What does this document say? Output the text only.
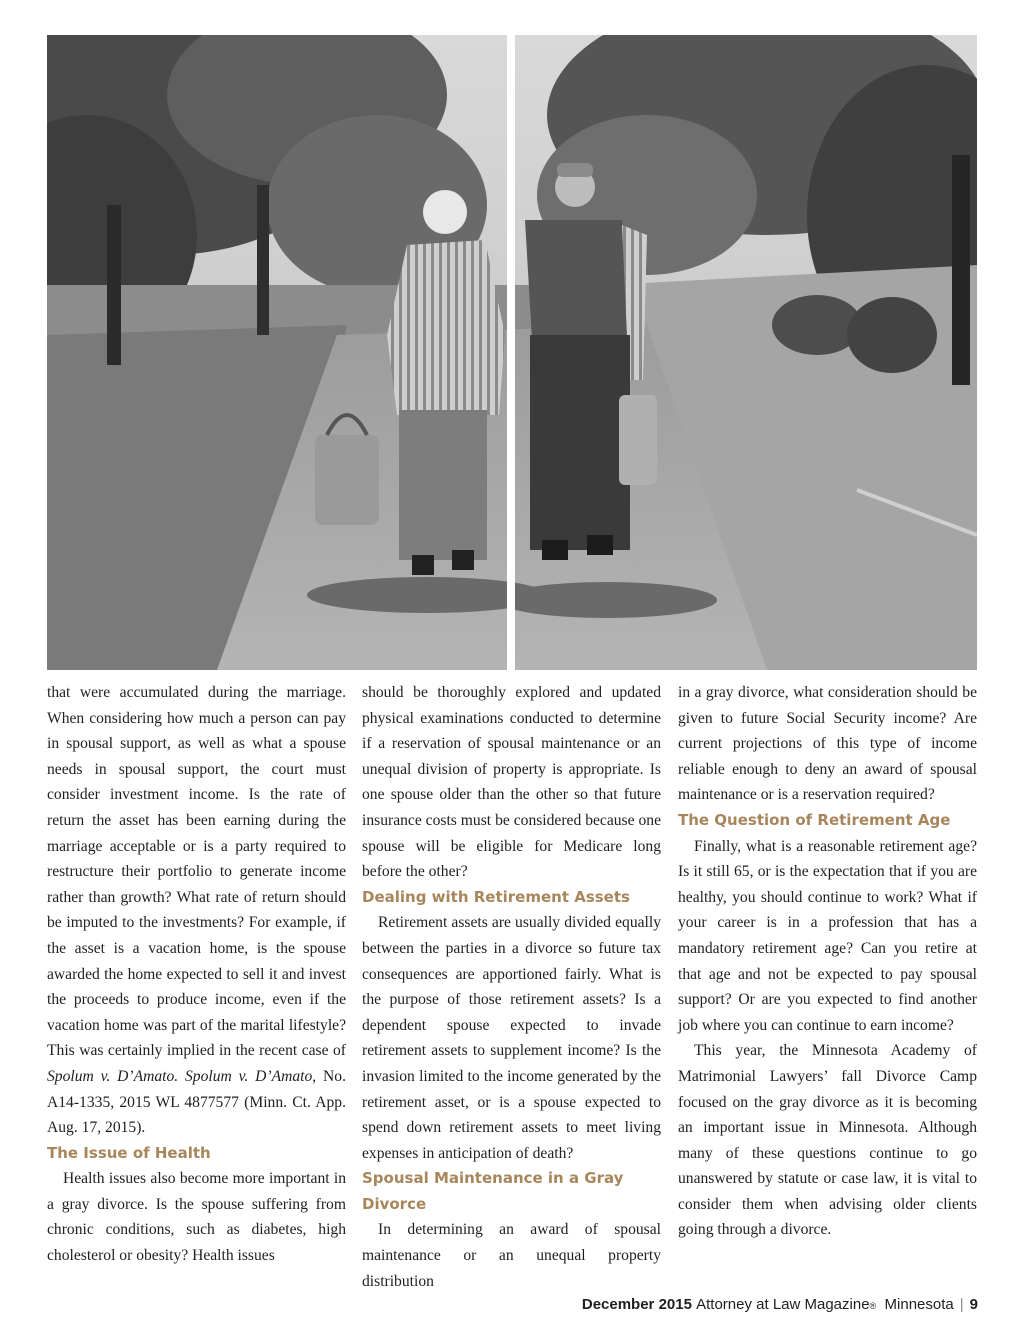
that were accumulated during the marriage. When considering how much a person can pay in spousal support, as well as what a spouse needs in spousal support, the court must consider investment income. Is the rate of return the asset has been earning during the marriage acceptable or is a party required to restructure their portfolio to generate income rather than growth? What rate of return should be imputed to the investments? For example, if the asset is a vacation home, is the spouse awarded the home expected to sell it and invest the proceeds to produce income, even if the vacation home was part of the marital lifestyle? This was certainly implied in the recent case of Spolum v. D’Amato. Spolum v. D’Amato, No. A14-1335, 2015 WL 4877577 (Minn. Ct. App. Aug. 17, 2015).

The Issue of Health

Health issues also become more important in a gray divorce. Is the spouse suffering from chronic conditions, such as diabetes, high cholesterol or obesity? Health issues

should be thoroughly explored and updated physical examinations conducted to determine if a reservation of spousal maintenance or an unequal division of property is appropriate. Is one spouse older than the other so that future insurance costs must be considered because one spouse will be eligible for Medicare long before the other?

Dealing with Retirement Assets

Retirement assets are usually divided equally between the parties in a divorce so future tax consequences are apportioned fairly. What is the purpose of those retirement assets? Is a dependent spouse expected to invade retirement assets to supplement income? Is the invasion limited to the income generated by the retirement asset, or is a spouse expected to spend down retirement assets to meet living expenses in anticipation of death?

Spousal Maintenance in a Gray Divorce

In determining an award of spousal maintenance or an unequal property distribution

in a gray divorce, what consideration should be given to future Social Security income? Are current projections of this type of income reliable enough to deny an award of spousal maintenance or is a reservation required?

The Question of Retirement Age

Finally, what is a reasonable retirement age? Is it still 65, or is the expectation that if you are healthy, you should continue to work? What if your career is in a profession that has a mandatory retirement age? Can you retire at that age and not be expected to pay spousal support? Or are you expected to find another job where you can continue to earn income?

This year, the Minnesota Academy of Matrimonial Lawyers’ fall Divorce Camp focused on the gray divorce as it is becoming an important issue in Minnesota. Although many of these questions continue to go unanswered by statute or case law, it is vital to consider them when advising older clients going through a divorce.

December 2015
Attorney at Law Magazine ®
Minnesota | 9
